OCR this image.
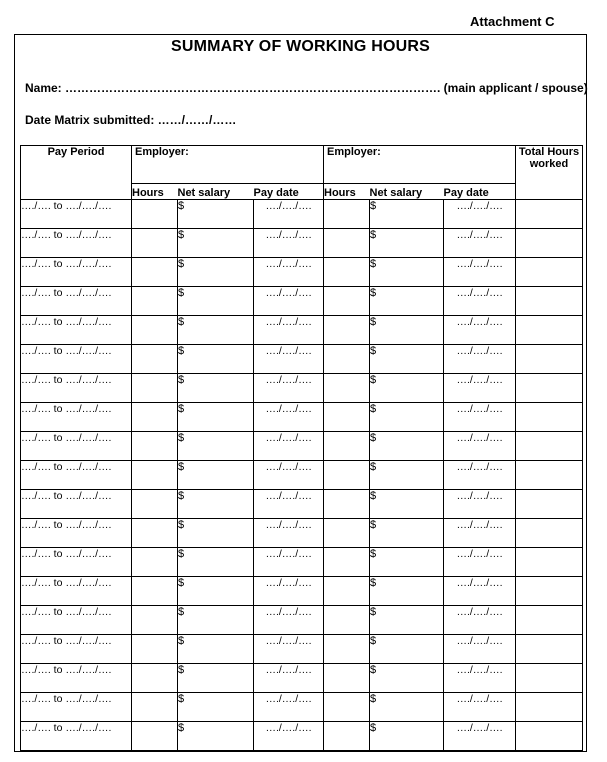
Attachment C
SUMMARY OF WORKING HOURS
Name: …………………………………………………………………………………. (main applicant / spouse)
Date Matrix submitted: ……/……/……
Pay Period	Employer:			Employer:			Total Hours worked
	Hours	Net salary	Pay date	Hours	Net salary	Pay date	
…./…. to …./…./….		$	…./…./….		$	…./…./….	
…./…. to …./…./….		$	…./…./….		$	…./…./….	
…./…. to …./…./….		$	…./…./….		$	…./…./….	
…./…. to …./…./….		$	…./…./….		$	…./…./….	
…./…. to …./…./….		$	…./…./….		$	…./…./….	
…./…. to …./…./….		$	…./…./….		$	…./…./….	
…./…. to …./…./….		$	…./…./….		$	…./…./….	
…./…. to …./…./….		$	…./…./….		$	…./…./….	
…./…. to …./…./….		$	…./…./….		$	…./…./….	
…./…. to …./…./….		$	…./…./….		$	…./…./….	
…./…. to …./…./….		$	…./…./….		$	…./…./….	
…./…. to …./…./….		$	…./…./….		$	…./…./….	
…./…. to …./…./….		$	…./…./….		$	…./…./….	
…./…. to …./…./….		$	…./…./….		$	…./…./….	
…./…. to …./…./….		$	…./…./….		$	…./…./….	
…./…. to …./…./….		$	…./…./….		$	…./…./….	
…./…. to …./…./….		$	…./…./….		$	…./…./….	
…./…. to …./…./….		$	…./…./….		$	…./…./….	
…./…. to …./…./….		$	…./…./….		$	…./…./….	
